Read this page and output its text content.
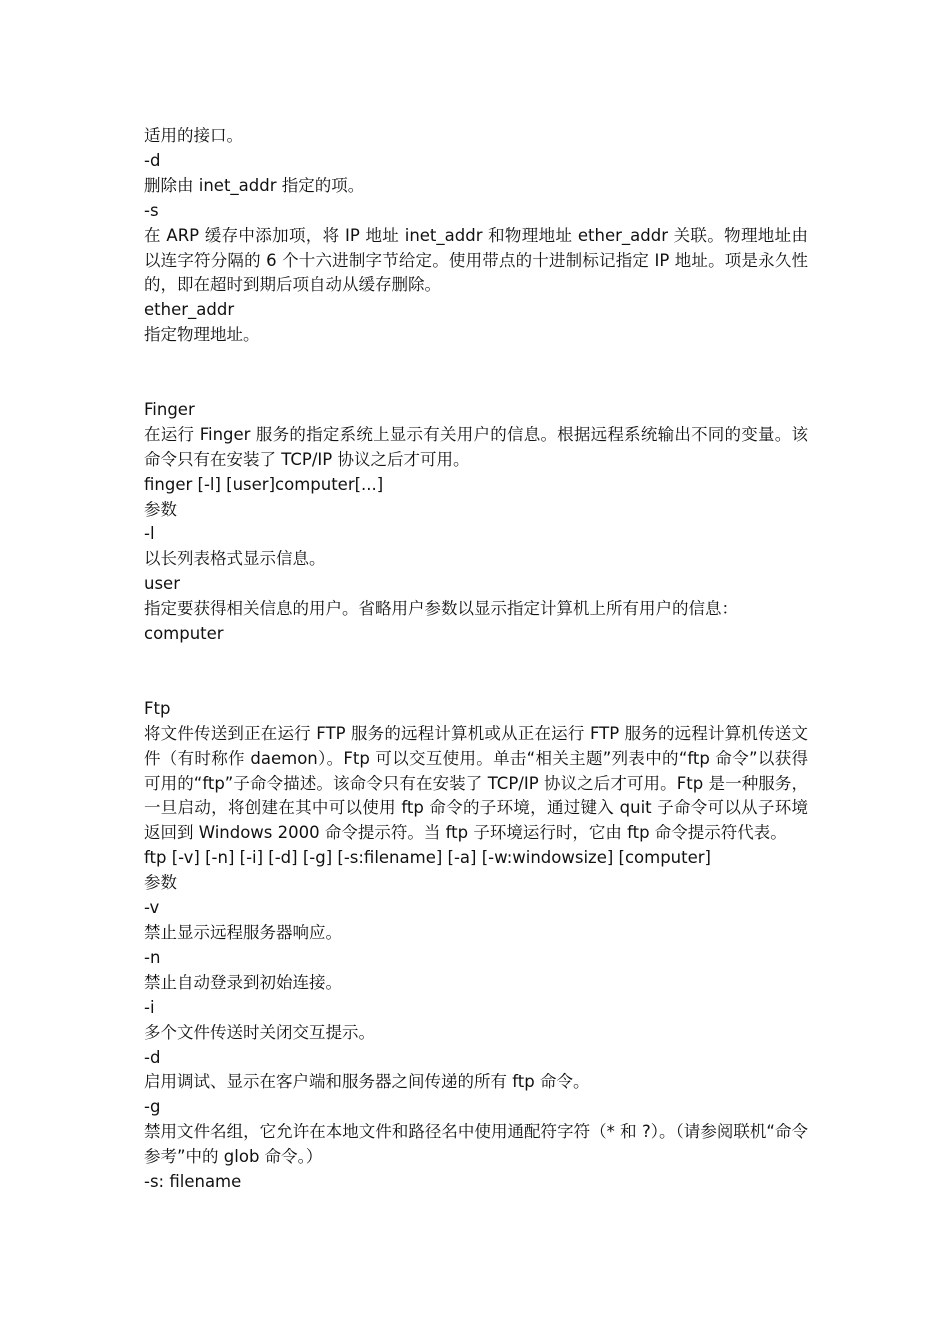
适用的接口。

-d

删除由 inet_addr 指定的项。

-s

在 ARP 缓存中添加项，将 IP 地址 inet_addr 和物理地址 ether_addr 关联。物理地址由以连字符分隔的 6 个十六进制字节给定。使用带点的十进制标记指定 IP 地址。项是永久性的，即在超时到期后项自动从缓存删除。

ether_addr

指定物理地址。

Finger

在运行 Finger 服务的指定系统上显示有关用户的信息。根据远程系统输出不同的变量。该命令只有在安装了 TCP/IP 协议之后才可用。

finger [-l] [user]computer[...]

参数

-l

以长列表格式显示信息。

user

指定要获得相关信息的用户。省略用户参数以显示指定计算机上所有用户的信息：

computer

Ftp

将文件传送到正在运行 FTP 服务的远程计算机或从正在运行 FTP 服务的远程计算机传送文件（有时称作 daemon）。Ftp 可以交互使用。单击“相关主题”列表中的“ftp 命令”以获得可用的“ftp”子命令描述。该命令只有在安装了 TCP/IP 协议之后才可用。Ftp 是一种服务，一旦启动，将创建在其中可以使用 ftp 命令的子环境，通过键入 quit 子命令可以从子环境返回到 Windows 2000 命令提示符。当 ftp 子环境运行时，它由 ftp 命令提示符代表。

ftp [-v] [-n] [-i] [-d] [-g] [-s:filename] [-a] [-w:windowsize] [computer]

参数

-v

禁止显示远程服务器响应。

-n

禁止自动登录到初始连接。

-i

多个文件传送时关闭交互提示。

-d

启用调试、显示在客户端和服务器之间传递的所有 ftp 命令。

-g

禁用文件名组，它允许在本地文件和路径名中使用通配符字符（* 和 ?）。（请参阅联机“命令参考”中的 glob 命令。）

-s: filename
